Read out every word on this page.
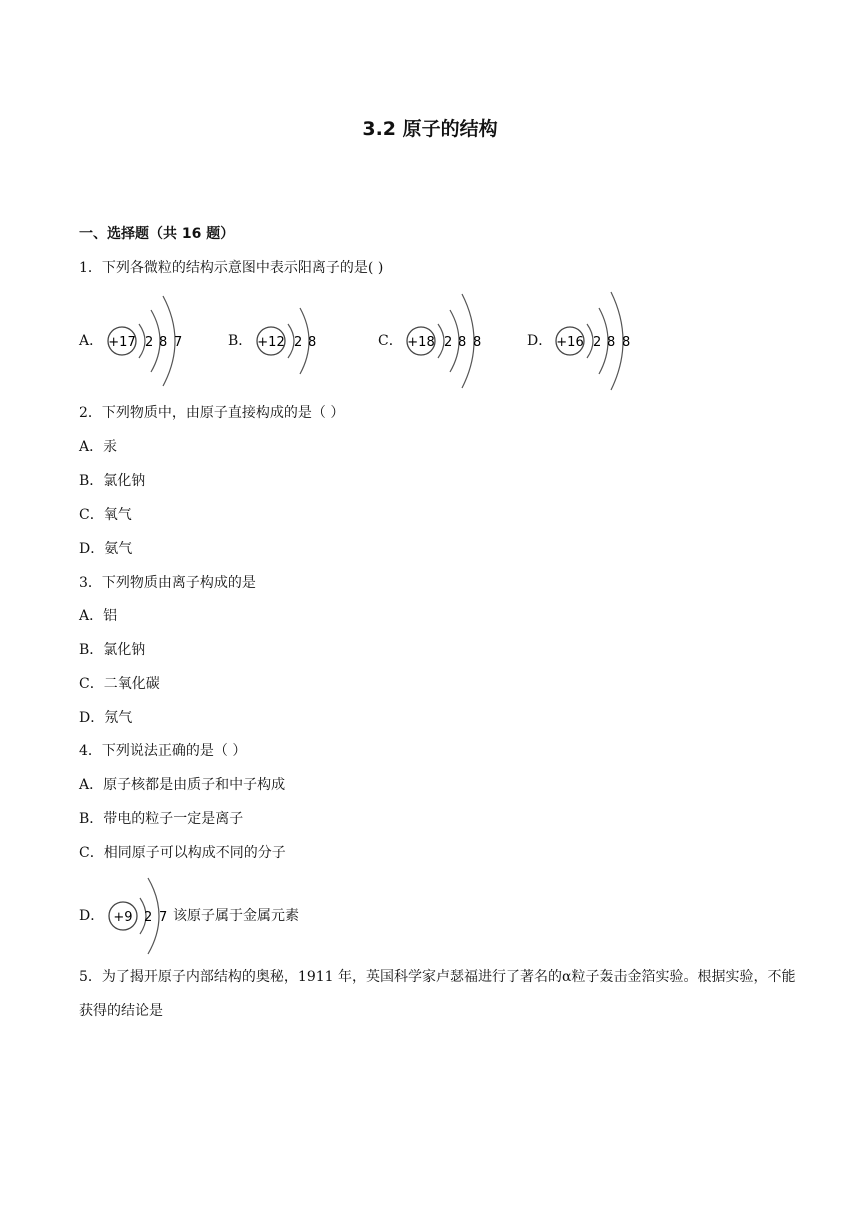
3.2 原子的结构
一、选择题（共 16 题）
1．下列各微粒的结构示意图中表示阳离子的是( )
A． +17 2 8 7	B． +12 2 8	C． +18 2 8 8	D． +16 2 8 8
2．下列物质中，由原子直接构成的是（ ）
A．汞
B．氯化钠
C．氧气
D．氨气
3．下列物质由离子构成的是
A．铝
B．氯化钠
C．二氧化碳
D．氖气
4．下列说法正确的是（ ）
A．原子核都是由质子和中子构成
B．带电的粒子一定是离子
C．相同原子可以构成不同的分子
D． +9 2 7 该原子属于金属元素
5．为了揭开原子内部结构的奥秘，1911 年，英国科学家卢瑟福进行了著名的α粒子轰击金箔实验。根据实验，不能获得的结论是
